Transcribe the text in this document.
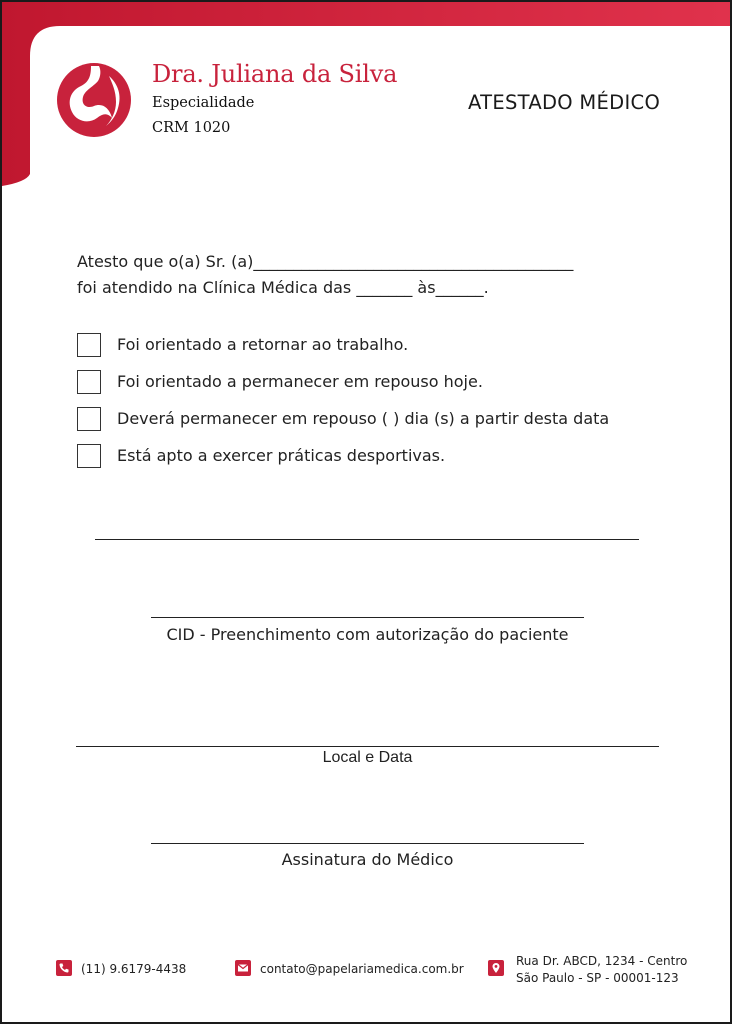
Dra. Juliana da Silva
Especialidade
CRM 1020
ATESTADO MÉDICO
Atesto que o(a) Sr. (a)________________________________________
foi atendido na Clínica Médica das _______ às______.
Foi orientado a retornar ao trabalho.
Foi orientado a permanecer em repouso hoje.
Deverá permanecer em repouso ( ) dia (s) a partir desta data
Está apto a exercer práticas desportivas.
CID - Preenchimento com autorização do paciente
Local e Data
Assinatura do Médico
(11) 9.6179-4438	contato@papelariamedica.com.br
Rua Dr. ABCD, 1234 - Centro
São Paulo - SP - 00001-123
